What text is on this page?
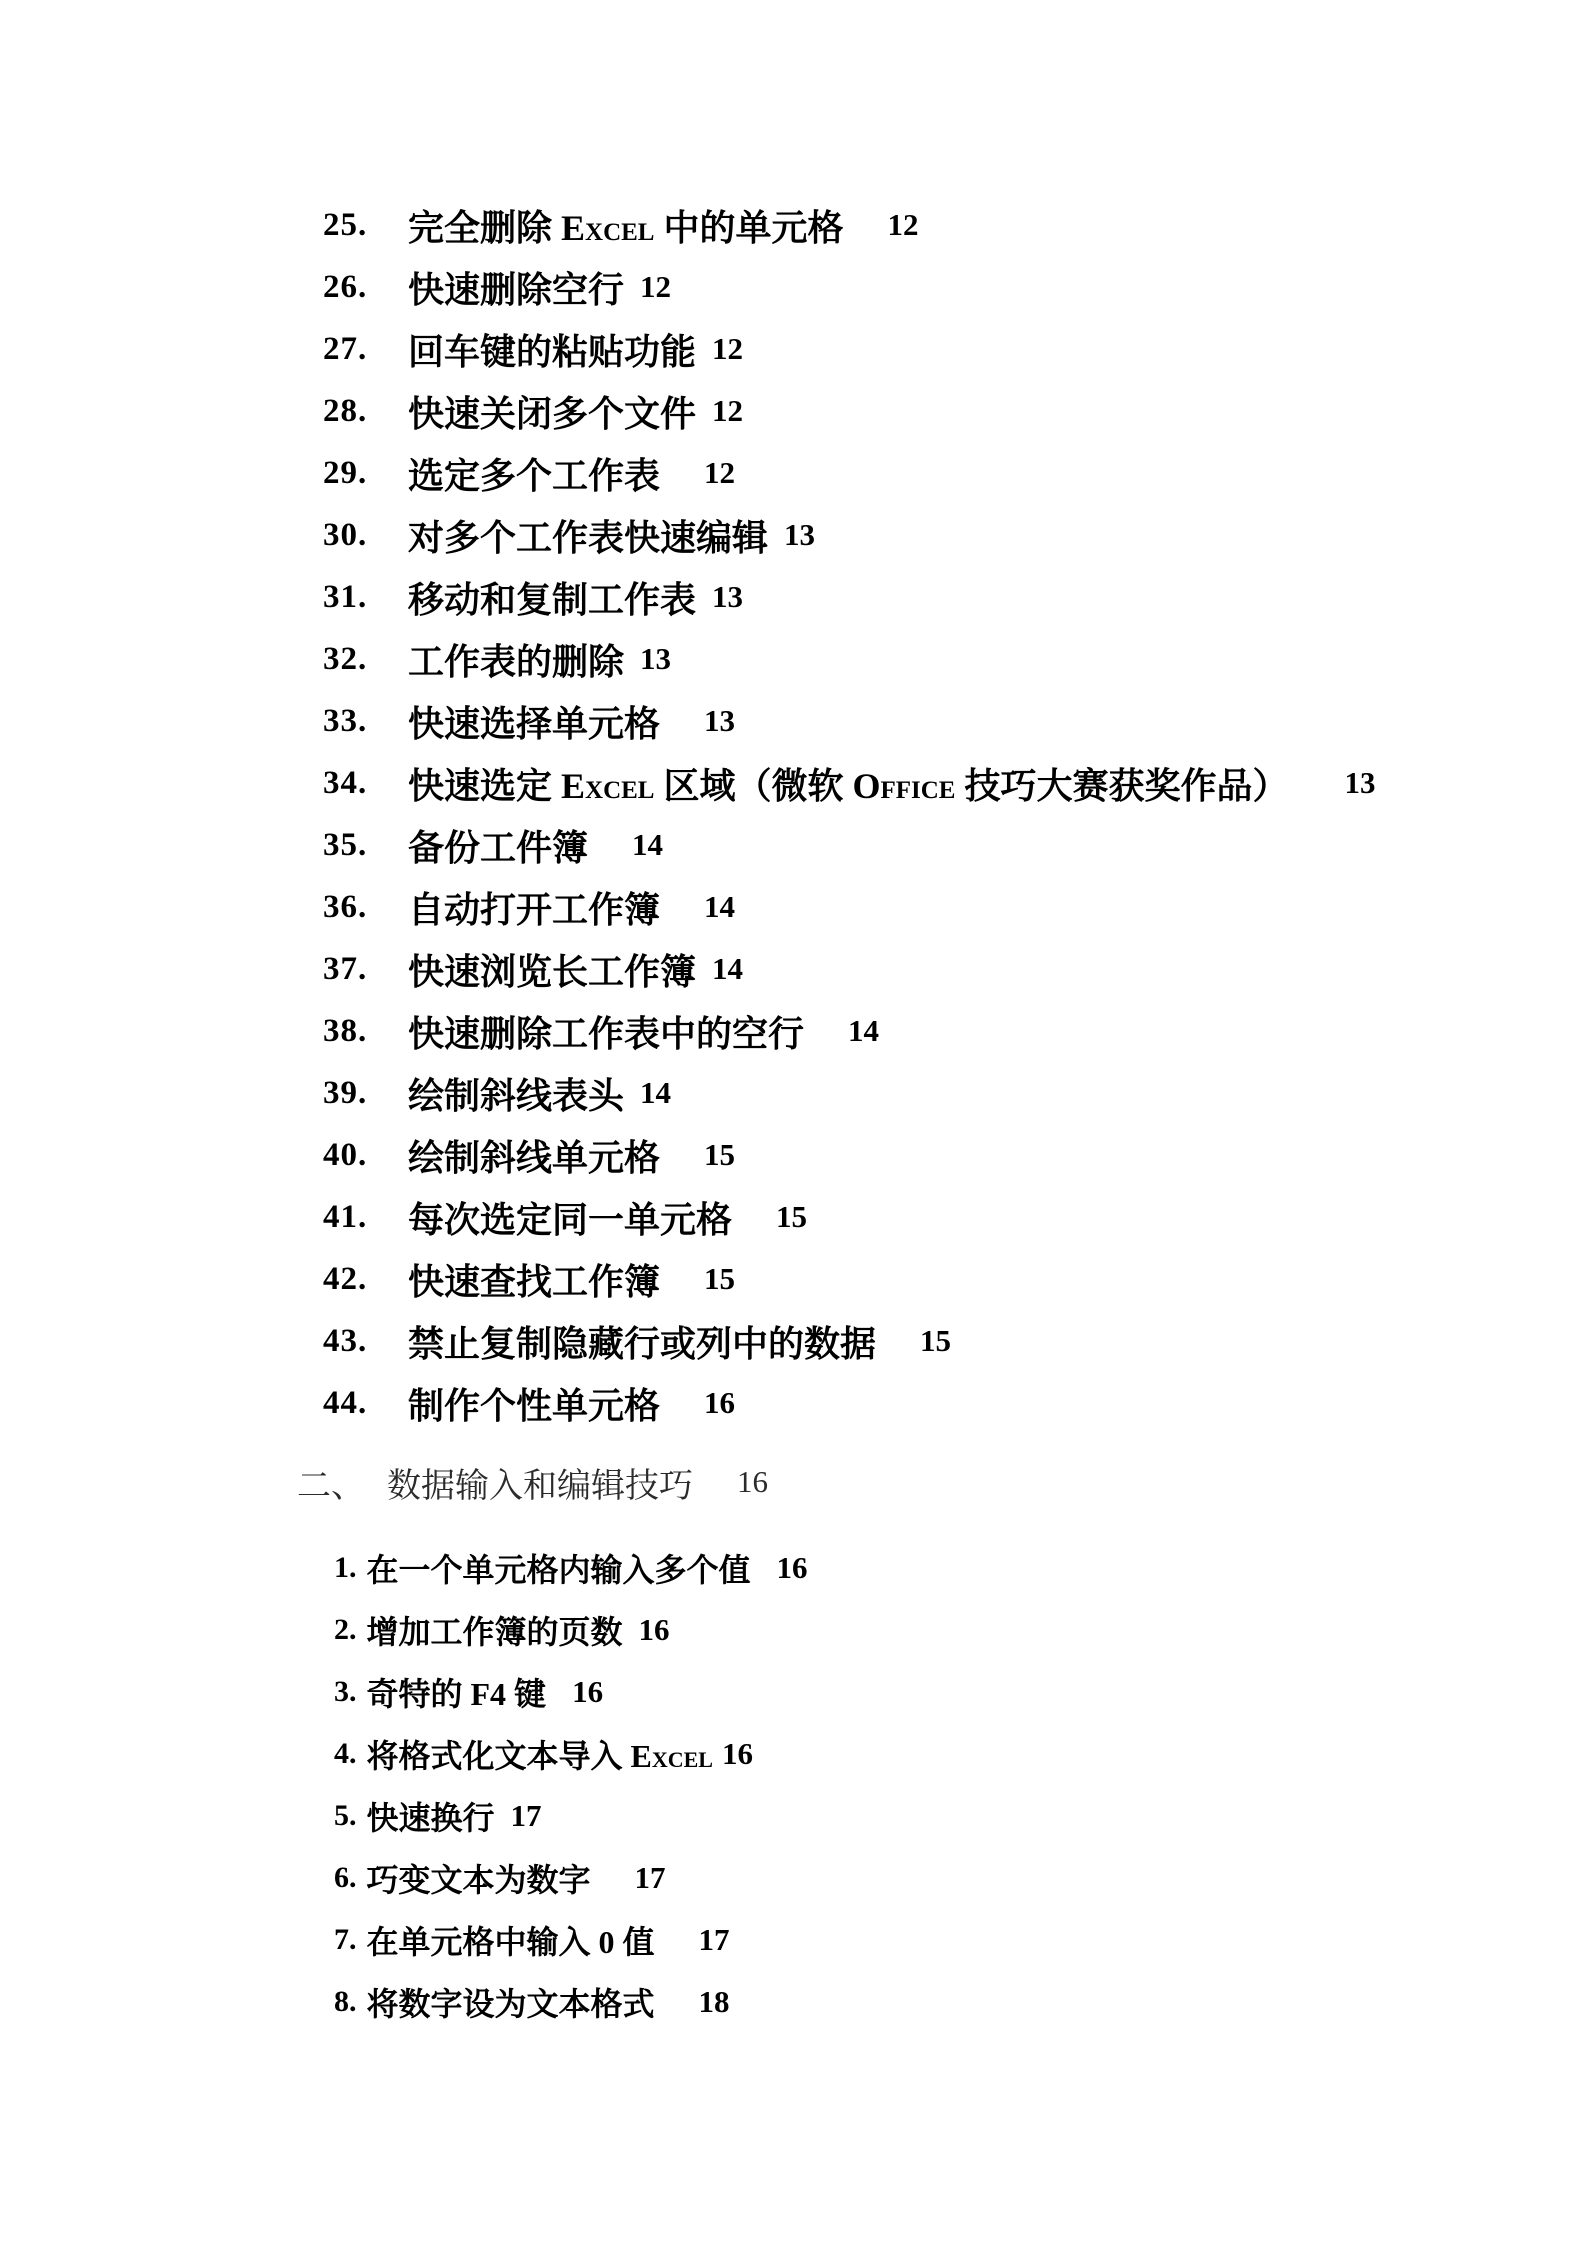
25.	完全删除 Excel 中的单元格 12
26.	快速删除空行 12
27.	回车键的粘贴功能 12
28.	快速关闭多个文件 12
29.	选定多个工作表 12
30.	对多个工作表快速编辑 13
31.	移动和复制工作表 13
32.	工作表的删除 13
33.	快速选择单元格 13
34.	快速选定 Excel 区域（微软 Office 技巧大赛获奖作品） 13
35.	备份工件簿 14
36.	自动打开工作簿 14
37.	快速浏览长工作簿 14
38.	快速删除工作表中的空行 14
39.	绘制斜线表头 14
40.	绘制斜线单元格 15
41.	每次选定同一单元格 15
42.	快速查找工作簿 15
43.	禁止复制隐藏行或列中的数据 15
44.	制作个性单元格 16
二、 数据输入和编辑技巧 16
1. 在一个单元格内输入多个值 16
2. 增加工作簿的页数 16
3. 奇特的 F4 键 16
4. 将格式化文本导入 Excel 16
5. 快速换行 17
6. 巧变文本为数字 17
7. 在单元格中输入 0 值 17
8. 将数字设为文本格式 18
